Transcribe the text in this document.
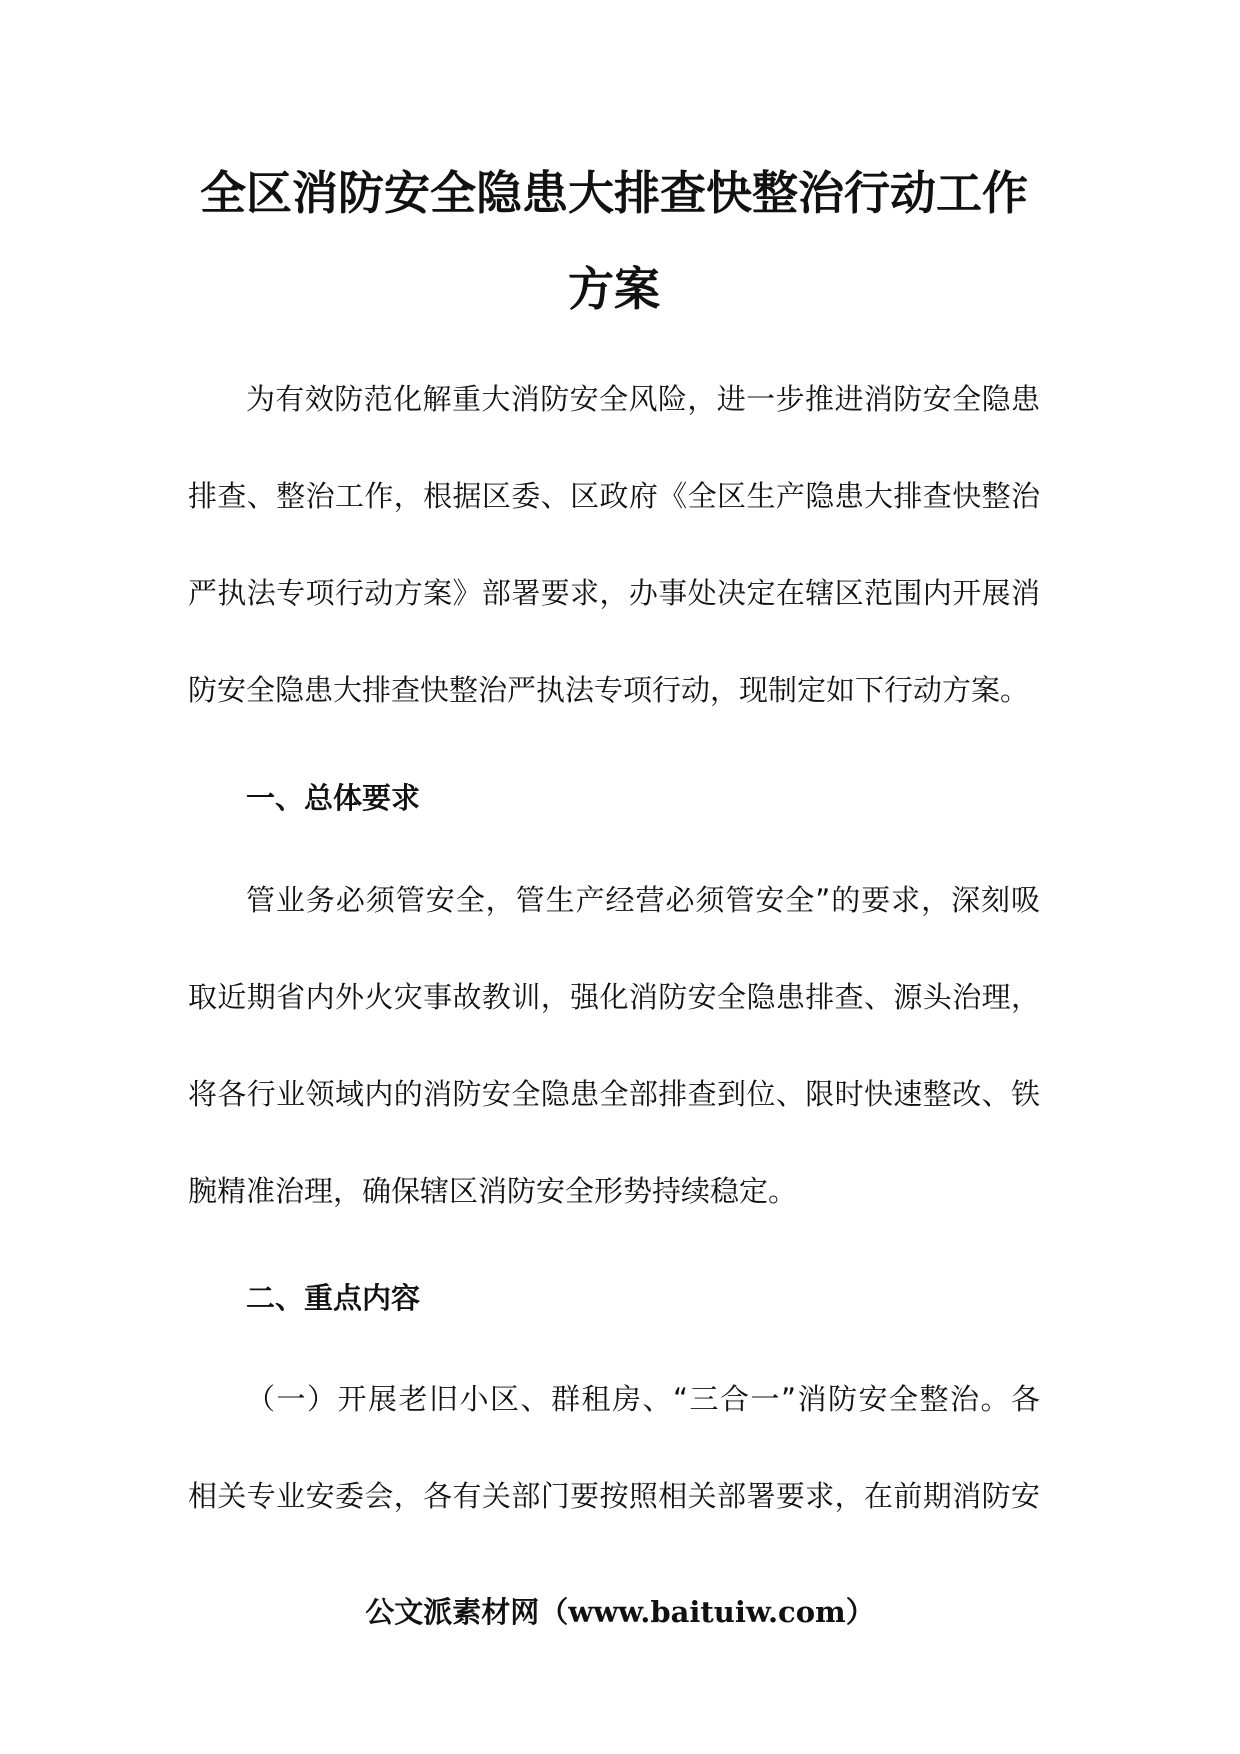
全区消防安全隐患大排查快整治行动工作
方案

为有效防范化解重大消防安全风险，进一步推进消防安全隐患

排查、整治工作，根据区委、区政府《全区生产隐患大排查快整治

严执法专项行动方案》部署要求，办事处决定在辖区范围内开展消

防安全隐患大排查快整治严执法专项行动，现制定如下行动方案。

一、总体要求

管业务必须管安全，管生产经营必须管安全”的要求，深刻吸

取近期省内外火灾事故教训，强化消防安全隐患排查、源头治理，

将各行业领域内的消防安全隐患全部排查到位、限时快速整改、铁

腕精准治理，确保辖区消防安全形势持续稳定。

二、重点内容

（一）开展老旧小区、群租房、“三合一”消防安全整治。各

相关专业安委会，各有关部门要按照相关部署要求，在前期消防安

公文派素材网（www.baituiw.com）
